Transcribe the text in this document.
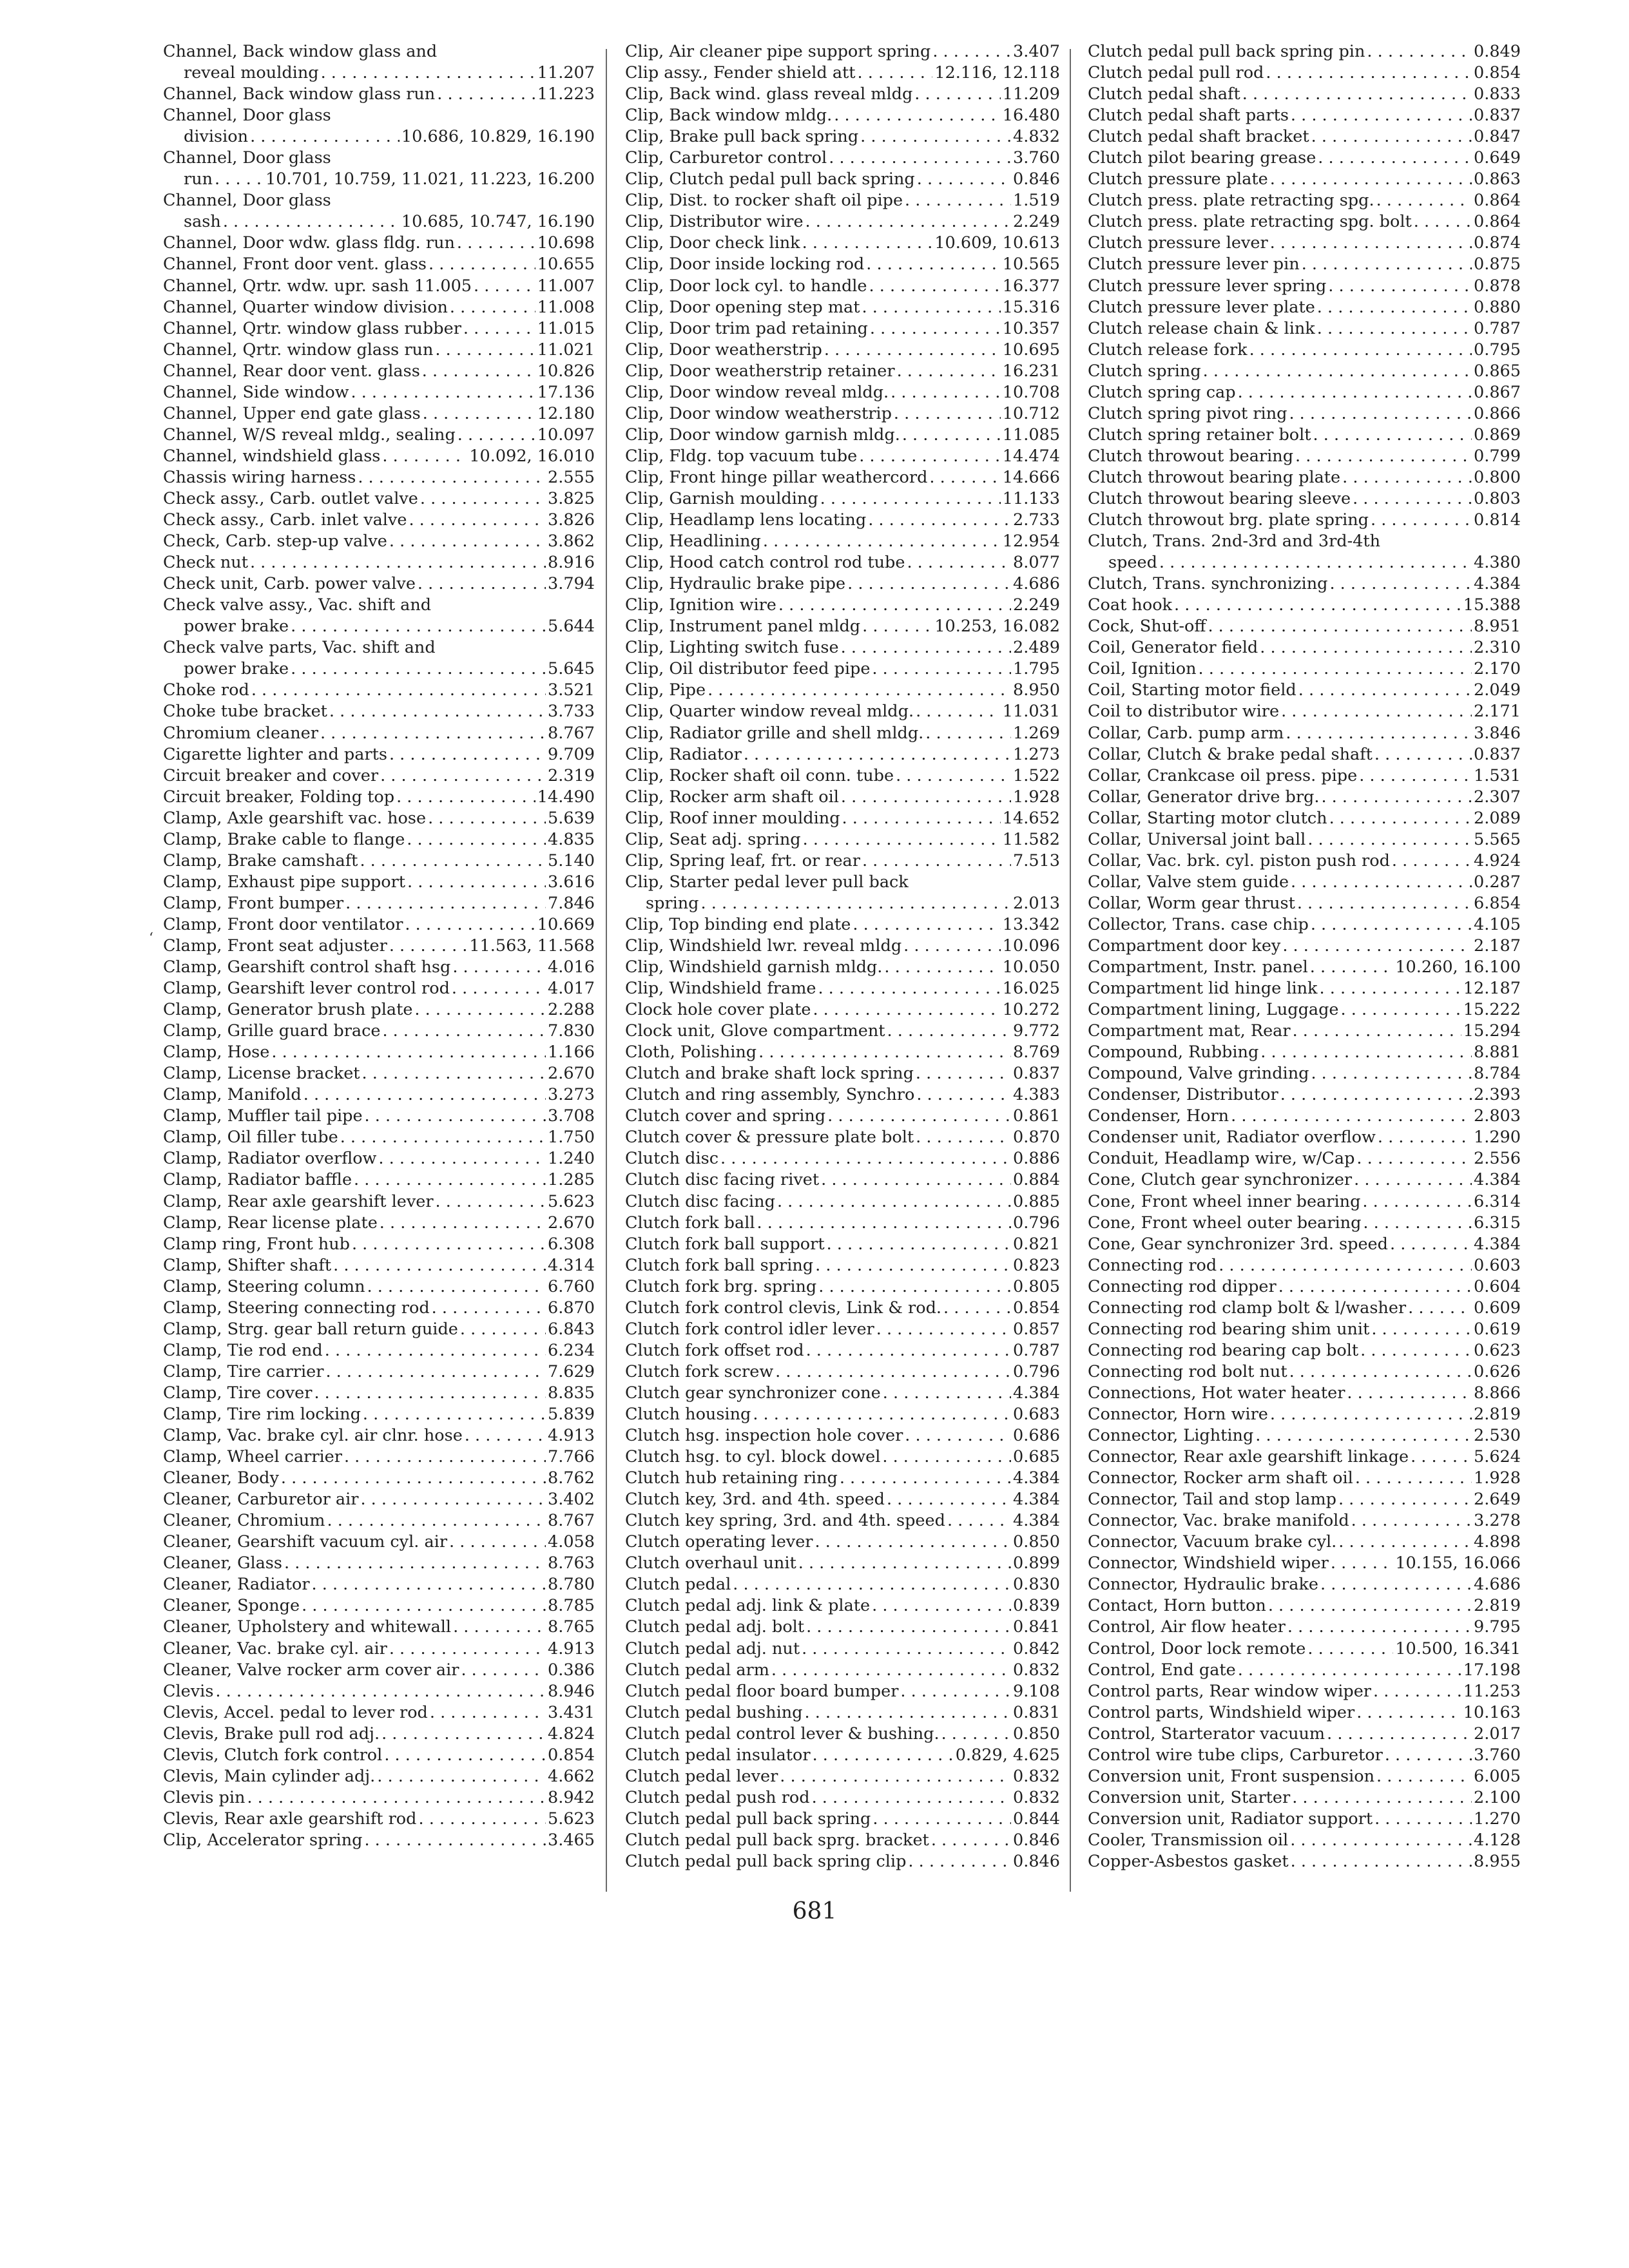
Channel, Back window glass and
reveal moulding . . .	11.207
Channel, Back window glass run . . .	11.223
Channel, Door glass
division . . .	10.686, 10.829, 16.190
Channel, Door glass
run . . .	10.701, 10.759, 11.021, 11.223, 16.200
Channel, Door glass
sash . . .	10.685, 10.747, 16.190
Channel, Door wdw. glass fldg. run . . .	10.698
Channel, Front door vent. glass . . .	10.655
Channel, Qrtr. wdw. upr. sash 11.005 . . .	11.007
Channel, Quarter window division . . .	11.008
Channel, Qrtr. window glass rubber . . .	11.015
Channel, Qrtr. window glass run . . .	11.021
Channel, Rear door vent. glass . . .	10.826
Channel, Side window . . .	17.136
Channel, Upper end gate glass . . .	12.180
Channel, W/S reveal mldg., sealing . . .	10.097
Channel, windshield glass . . .	10.092, 16.010
Chassis wiring harness . . .	2.555
Check assy., Carb. outlet valve . . .	3.825
Check assy., Carb. inlet valve . . .	3.826
Check, Carb. step-up valve . . .	3.862
Check nut . . .	8.916
Check unit, Carb. power valve . . .	3.794
Check valve assy., Vac. shift and
power brake . . .	5.644
Check valve parts, Vac. shift and
power brake . . .	5.645
Choke rod . . .	3.521
Choke tube bracket . . .	3.733
Chromium cleaner . . .	8.767
Cigarette lighter and parts . . .	9.709
Circuit breaker and cover . . .	2.319
Circuit breaker, Folding top . . .	14.490
Clamp, Axle gearshift vac. hose . . .	5.639
Clamp, Brake cable to flange . . .	4.835
Clamp, Brake camshaft . . .	5.140
Clamp, Exhaust pipe support . . .	3.616
Clamp, Front bumper . . .	7.846
Clamp, Front door ventilator . . .	10.669
Clamp, Front seat adjuster . . .	11.563, 11.568
Clamp, Gearshift control shaft hsg . . .	4.016
Clamp, Gearshift lever control rod . . .	4.017
Clamp, Generator brush plate . . .	2.288
Clamp, Grille guard brace . . .	7.830
Clamp, Hose . . .	1.166
Clamp, License bracket . . .	2.670
Clamp, Manifold . . .	3.273
Clamp, Muffler tail pipe . . .	3.708
Clamp, Oil filler tube . . .	1.750
Clamp, Radiator overflow . . .	1.240
Clamp, Radiator baffle . . .	1.285
Clamp, Rear axle gearshift lever . . .	5.623
Clamp, Rear license plate . . .	2.670
Clamp ring, Front hub . . .	6.308
Clamp, Shifter shaft . . .	4.314
Clamp, Steering column . . .	6.760
Clamp, Steering connecting rod . . .	6.870
Clamp, Strg. gear ball return guide . . .	6.843
Clamp, Tie rod end . . .	6.234
Clamp, Tire carrier . . .	7.629
Clamp, Tire cover . . .	8.835
Clamp, Tire rim locking . . .	5.839
Clamp, Vac. brake cyl. air clnr. hose . . .	4.913
Clamp, Wheel carrier . . .	7.766
Cleaner, Body . . .	8.762
Cleaner, Carburetor air . . .	3.402
Cleaner, Chromium . . .	8.767
Cleaner, Gearshift vacuum cyl. air . . .	4.058
Cleaner, Glass . . .	8.763
Cleaner, Radiator . . .	8.780
Cleaner, Sponge . . .	8.785
Cleaner, Upholstery and whitewall . . .	8.765
Cleaner, Vac. brake cyl. air . . .	4.913
Cleaner, Valve rocker arm cover air . . .	0.386
Clevis . . .	8.946
Clevis, Accel. pedal to lever rod . . .	3.431
Clevis, Brake pull rod adj. . . .	4.824
Clevis, Clutch fork control . . .	0.854
Clevis, Main cylinder adj. . . .	4.662
Clevis pin . . .	8.942
Clevis, Rear axle gearshift rod . . .	5.623
Clip, Accelerator spring . . .	3.465
Clip, Air cleaner pipe support spring . . .	3.407
Clip assy., Fender shield att . . .	12.116, 12.118
Clip, Back wind. glass reveal mldg . . .	11.209
Clip, Back window mldg. . . .	16.480
Clip, Brake pull back spring . . .	4.832
Clip, Carburetor control . . .	3.760
Clip, Clutch pedal pull back spring . . .	0.846
Clip, Dist. to rocker shaft oil pipe . . .	1.519
Clip, Distributor wire . . .	2.249
Clip, Door check link . . .	10.609, 10.613
Clip, Door inside locking rod . . .	10.565
Clip, Door lock cyl. to handle . . .	16.377
Clip, Door opening step mat . . .	15.316
Clip, Door trim pad retaining . . .	10.357
Clip, Door weatherstrip . . .	10.695
Clip, Door weatherstrip retainer . . .	16.231
Clip, Door window reveal mldg. . . .	10.708
Clip, Door window weatherstrip . . .	10.712
Clip, Door window garnish mldg. . . .	11.085
Clip, Fldg. top vacuum tube . . .	14.474
Clip, Front hinge pillar weathercord . . .	14.666
Clip, Garnish moulding . . .	11.133
Clip, Headlamp lens locating . . .	2.733
Clip, Headlining . . .	12.954
Clip, Hood catch control rod tube . . .	8.077
Clip, Hydraulic brake pipe . . .	4.686
Clip, Ignition wire . . .	2.249
Clip, Instrument panel mldg . . .	10.253, 16.082
Clip, Lighting switch fuse . . .	2.489
Clip, Oil distributor feed pipe . . .	1.795
Clip, Pipe . . .	8.950
Clip, Quarter window reveal mldg. . . .	11.031
Clip, Radiator grille and shell mldg. . . .	1.269
Clip, Radiator . . .	1.273
Clip, Rocker shaft oil conn. tube . . .	1.522
Clip, Rocker arm shaft oil . . .	1.928
Clip, Roof inner moulding . . .	14.652
Clip, Seat adj. spring . . .	11.582
Clip, Spring leaf, frt. or rear . . .	7.513
Clip, Starter pedal lever pull back
spring . . .	2.013
Clip, Top binding end plate . . .	13.342
Clip, Windshield lwr. reveal mldg . . .	10.096
Clip, Windshield garnish mldg. . . .	10.050
Clip, Windshield frame . . .	16.025
Clock hole cover plate . . .	10.272
Clock unit, Glove compartment . . .	9.772
Cloth, Polishing . . .	8.769
Clutch and brake shaft lock spring . . .	0.837
Clutch and ring assembly, Synchro . . .	4.383
Clutch cover and spring . . .	0.861
Clutch cover & pressure plate bolt . . .	0.870
Clutch disc . . .	0.886
Clutch disc facing rivet . . .	0.884
Clutch disc facing . . .	0.885
Clutch fork ball . . .	0.796
Clutch fork ball support . . .	0.821
Clutch fork ball spring . . .	0.823
Clutch fork brg. spring . . .	0.805
Clutch fork control clevis, Link & rod. . . .	0.854
Clutch fork control idler lever . . .	0.857
Clutch fork offset rod . . .	0.787
Clutch fork screw . . .	0.796
Clutch gear synchronizer cone . . .	4.384
Clutch housing . . .	0.683
Clutch hsg. inspection hole cover . . .	0.686
Clutch hsg. to cyl. block dowel . . .	0.685
Clutch hub retaining ring . . .	4.384
Clutch key, 3rd. and 4th. speed . . .	4.384
Clutch key spring, 3rd. and 4th. speed . . .	4.384
Clutch operating lever . . .	0.850
Clutch overhaul unit . . .	0.899
Clutch pedal . . .	0.830
Clutch pedal adj. link & plate . . .	0.839
Clutch pedal adj. bolt . . .	0.841
Clutch pedal adj. nut . . .	0.842
Clutch pedal arm . . .	0.832
Clutch pedal floor board bumper . . .	9.108
Clutch pedal bushing . . .	0.831
Clutch pedal control lever & bushing. . . .	0.850
Clutch pedal insulator . . .	0.829, 4.625
Clutch pedal lever . . .	0.832
Clutch pedal push rod . . .	0.832
Clutch pedal pull back spring . . .	0.844
Clutch pedal pull back sprg. bracket . . .	0.846
Clutch pedal pull back spring clip . . .	0.846
Clutch pedal pull back spring pin . . .	0.849
Clutch pedal pull rod . . .	0.854
Clutch pedal shaft . . .	0.833
Clutch pedal shaft parts . . .	0.837
Clutch pedal shaft bracket . . .	0.847
Clutch pilot bearing grease . . .	0.649
Clutch pressure plate . . .	0.863
Clutch press. plate retracting spg. . . .	0.864
Clutch press. plate retracting spg. bolt . . .	0.864
Clutch pressure lever . . .	0.874
Clutch pressure lever pin . . .	0.875
Clutch pressure lever spring . . .	0.878
Clutch pressure lever plate . . .	0.880
Clutch release chain & link . . .	0.787
Clutch release fork . . .	0.795
Clutch spring . . .	0.865
Clutch spring cap . . .	0.867
Clutch spring pivot ring . . .	0.866
Clutch spring retainer bolt . . .	0.869
Clutch throwout bearing . . .	0.799
Clutch throwout bearing plate . . .	0.800
Clutch throwout bearing sleeve . . .	0.803
Clutch throwout brg. plate spring . . .	0.814
Clutch, Trans. 2nd-3rd and 3rd-4th
speed . . .	4.380
Clutch, Trans. synchronizing . . .	4.384
Coat hook . . .	15.388
Cock, Shut-off . . .	8.951
Coil, Generator field . . .	2.310
Coil, Ignition . . .	2.170
Coil, Starting motor field . . .	2.049
Coil to distributor wire . . .	2.171
Collar, Carb. pump arm . . .	3.846
Collar, Clutch & brake pedal shaft . . .	0.837
Collar, Crankcase oil press. pipe . . .	1.531
Collar, Generator drive brg. . . .	2.307
Collar, Starting motor clutch . . .	2.089
Collar, Universal joint ball . . .	5.565
Collar, Vac. brk. cyl. piston push rod . . .	4.924
Collar, Valve stem guide . . .	0.287
Collar, Worm gear thrust . . .	6.854
Collector, Trans. case chip . . .	4.105
Compartment door key . . .	2.187
Compartment, Instr. panel . . .	10.260, 16.100
Compartment lid hinge link . . .	12.187
Compartment lining, Luggage . . .	15.222
Compartment mat, Rear . . .	15.294
Compound, Rubbing . . .	8.881
Compound, Valve grinding . . .	8.784
Condenser, Distributor . . .	2.393
Condenser, Horn . . .	2.803
Condenser unit, Radiator overflow . . .	1.290
Conduit, Headlamp wire, w/Cap . . .	2.556
Cone, Clutch gear synchronizer . . .	4.384
Cone, Front wheel inner bearing . . .	6.314
Cone, Front wheel outer bearing . . .	6.315
Cone, Gear synchronizer 3rd. speed . . .	4.384
Connecting rod . . .	0.603
Connecting rod dipper . . .	0.604
Connecting rod clamp bolt & l/washer . . .	0.609
Connecting rod bearing shim unit . . .	0.619
Connecting rod bearing cap bolt . . .	0.623
Connecting rod bolt nut . . .	0.626
Connections, Hot water heater . . .	8.866
Connector, Horn wire . . .	2.819
Connector, Lighting . . .	2.530
Connector, Rear axle gearshift linkage . . .	5.624
Connector, Rocker arm shaft oil . . .	1.928
Connector, Tail and stop lamp . . .	2.649
Connector, Vac. brake manifold . . .	3.278
Connector, Vacuum brake cyl. . . .	4.898
Connector, Windshield wiper . . .	10.155, 16.066
Connector, Hydraulic brake . . .	4.686
Contact, Horn button . . .	2.819
Control, Air flow heater . . .	9.795
Control, Door lock remote . . .	10.500, 16.341
Control, End gate . . .	17.198
Control parts, Rear window wiper . . .	11.253
Control parts, Windshield wiper . . .	10.163
Control, Starterator vacuum . . .	2.017
Control wire tube clips, Carburetor . . .	3.760
Conversion unit, Front suspension . . .	6.005
Conversion unit, Starter . . .	2.100
Conversion unit, Radiator support . . .	1.270
Cooler, Transmission oil . . .	4.128
Copper-Asbestos gasket . . .	8.955
ʻ
681
